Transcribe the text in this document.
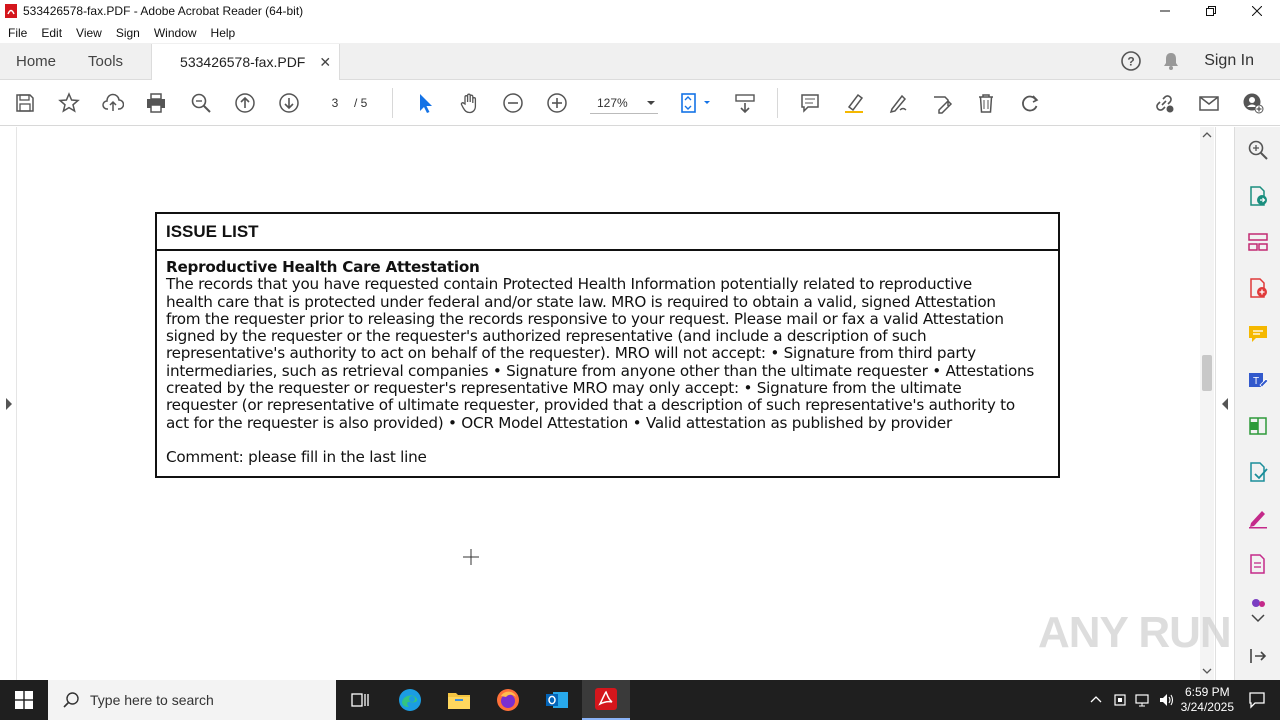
533426578-fax.PDF - Adobe Acrobat Reader (64-bit)
File Edit View Sign Window Help
Home	Tools	533426578-fax.PDF ✕	?	Sign In
3
/ 5	127%
ISSUE LIST
Reproductive Health Care Attestation
The records that you have requested contain Protected Health Information potentially related to reproductive
health care that is protected under federal and/or state law. MRO is required to obtain a valid, signed Attestation
from the requester prior to releasing the records responsive to your request. Please mail or fax a valid Attestation
signed by the requester or the requester's authorized representative (and include a description of such
representative's authority to act on behalf of the requester). MRO will not accept: • Signature from third party
intermediaries, such as retrieval companies • Signature from anyone other than the ultimate requester • Attestations
created by the requester or requester's representative MRO may only accept: • Signature from the ultimate
requester (or representative of ultimate requester, provided that a description of such representative's authority to
act for the requester is also provided) • OCR Model Attestation • Valid attestation as published by provider
Comment: please fill in the last line
T
ANY RUN
Type here to search	6:59 PM
3/24/2025
